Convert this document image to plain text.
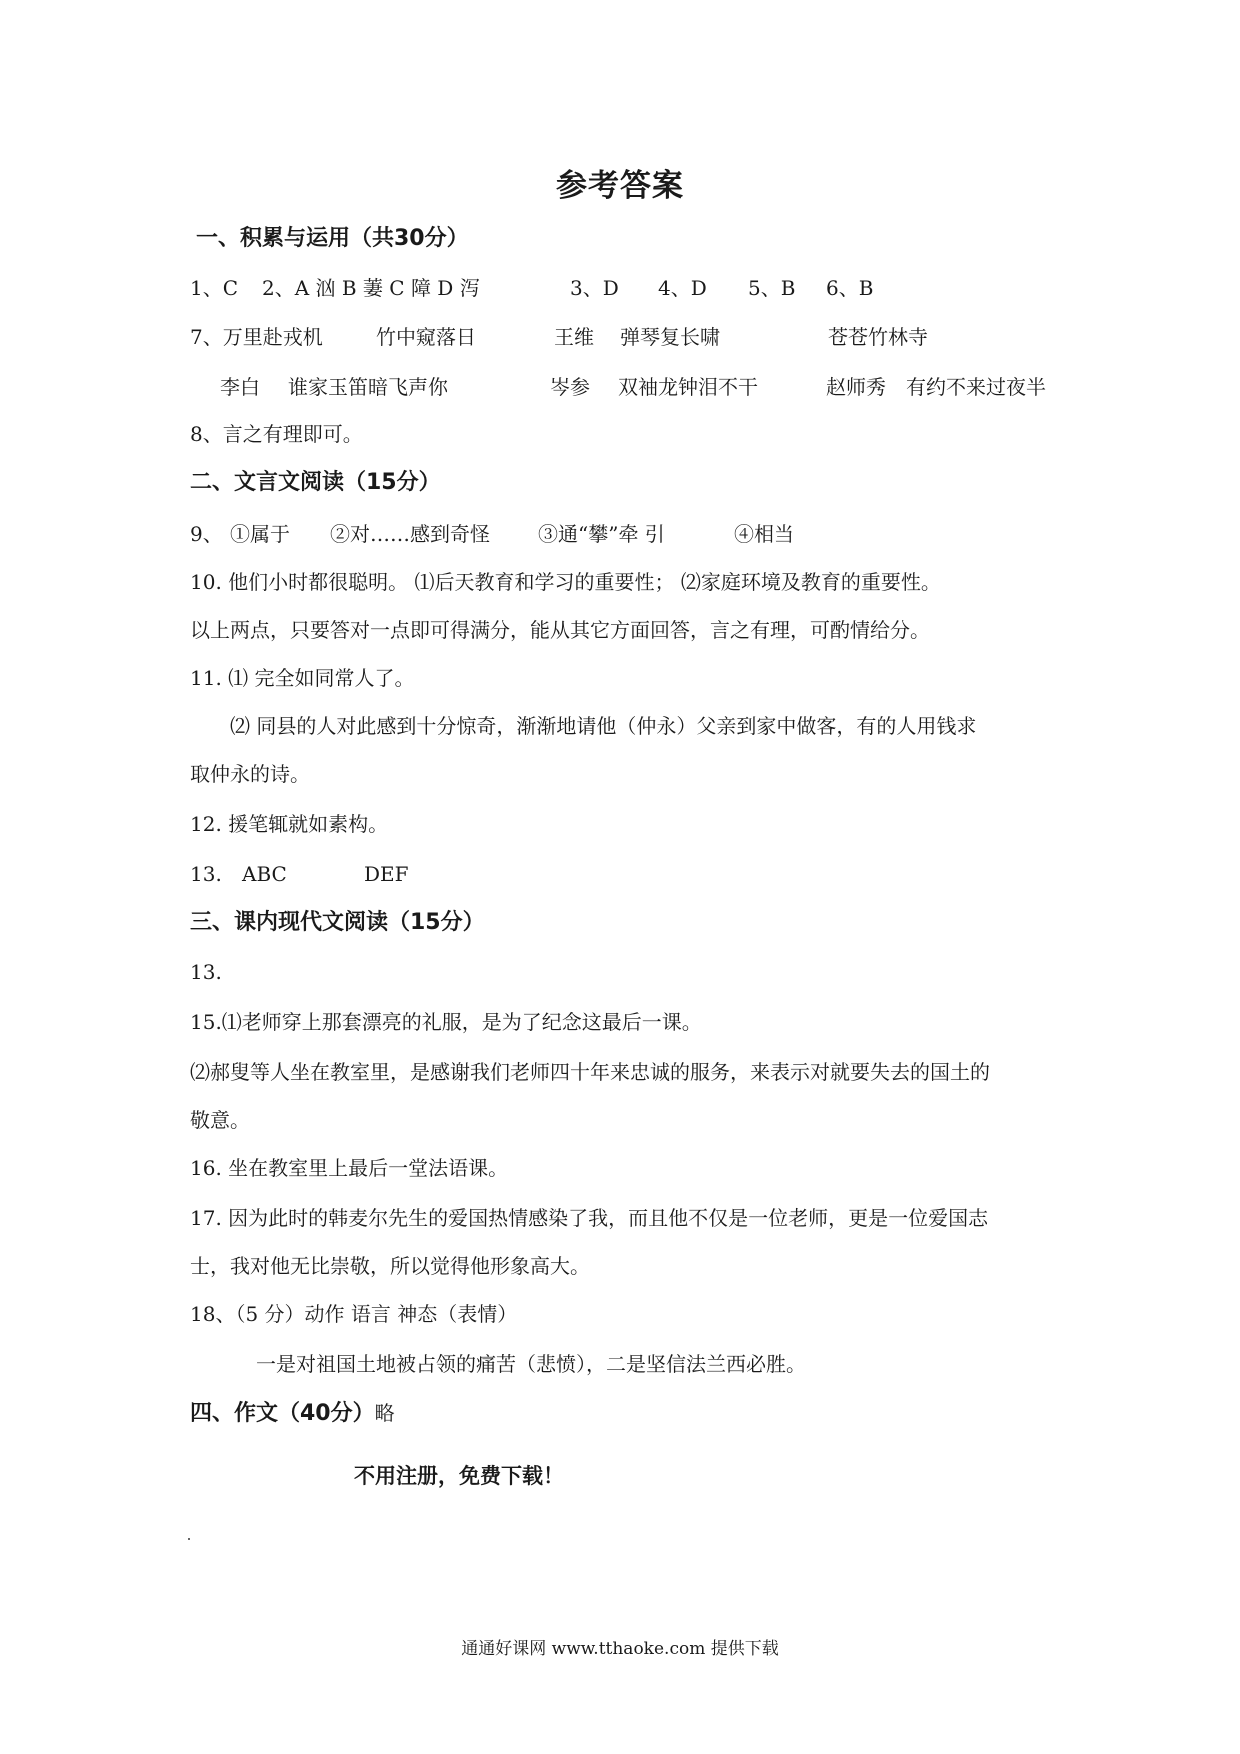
参考答案
一、积累与运用（共30分）
1、C 2、A 汹 B 萋 C 障 D 泻	3、D 4、D 5、B 6、B
7、万里赴戎机	竹中窥落日	王维 弹琴复长啸	苍苍竹林寺
李白 谁家玉笛暗飞声你	岑参 双袖龙钟泪不干	赵师秀 有约不来过夜半
8、言之有理即可。
二、文言文阅读（15分）
9、 ①属于 ②对……感到奇怪 ③通“攀”牵 引	④相当
10. 他们小时都很聪明。 ⑴后天教育和学习的重要性； ⑵家庭环境及教育的重要性。
以上两点，只要答对一点即可得满分，能从其它方面回答，言之有理，可酌情给分。
11. ⑴ 完全如同常人了。
⑵ 同县的人对此感到十分惊奇，渐渐地请他（仲永）父亲到家中做客，有的人用钱求
取仲永的诗。
12. 援笔辄就如素构。
13. ABC	DEF
三、课内现代文阅读（15分）
13.
15.⑴老师穿上那套漂亮的礼服，是为了纪念这最后一课。
⑵郝叟等人坐在教室里，是感谢我们老师四十年来忠诚的服务，来表示对就要失去的国土的
敬意。
16. 坐在教室里上最后一堂法语课。
17. 因为此时的韩麦尔先生的爱国热情感染了我，而且他不仅是一位老师，更是一位爱国志
士，我对他无比崇敬，所以觉得他形象高大。
18、（5 分）动作 语言 神态（表情）
一是对祖国土地被占领的痛苦（悲愤），二是坚信法兰西必胜。
四、作文（40分）略
不用注册，免费下载！
通通好课网 www.tthaoke.com 提供下载
